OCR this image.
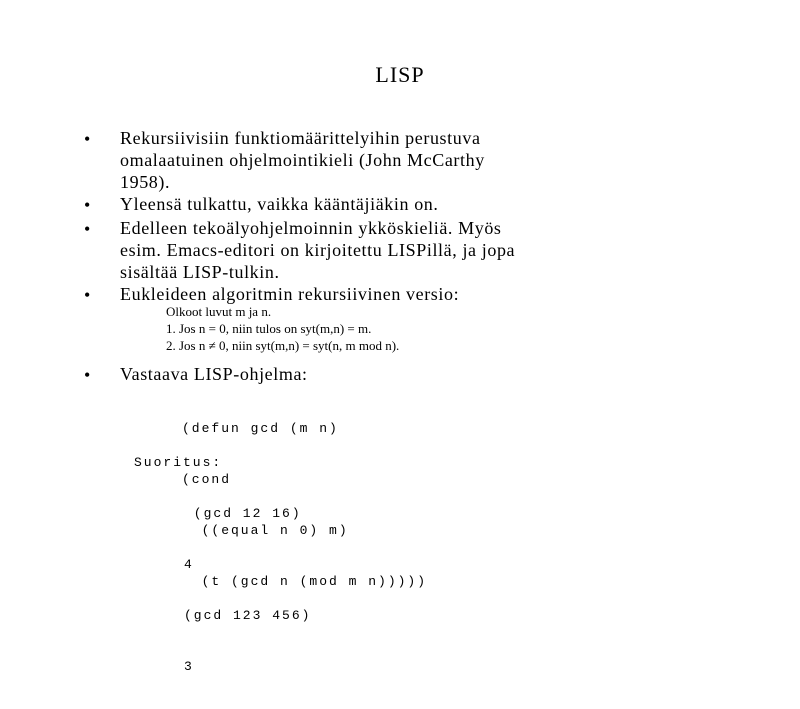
LISP
• Rekursiivisiin funktiomäärittelyihin perustuva
omalaatuinen ohjelmointikieli (John McCarthy
1958).
• Yleensä tulkattu, vaikka kääntäjiäkin on.
• Edelleen tekoälyohjelmoinnin ykköskieliä. Myös
esim. Emacs-editori on kirjoitettu LISPillä, ja jopa
sisältää LISP-tulkin.
• Eukleideen algoritmin rekursiivinen versio:
Olkoot luvut m ja n.
1. Jos n = 0, niin tulos on syt(m,n) = m.
2. Jos n ≠ 0, niin syt(m,n) = syt(n, m mod n).
• Vastaava LISP-ohjelma:

(defun gcd (m n)

(cond

((equal n 0) m)

(t (gcd n (mod m n)))))

Suoritus:

(gcd 12 16)

4

(gcd 123 456)

3
